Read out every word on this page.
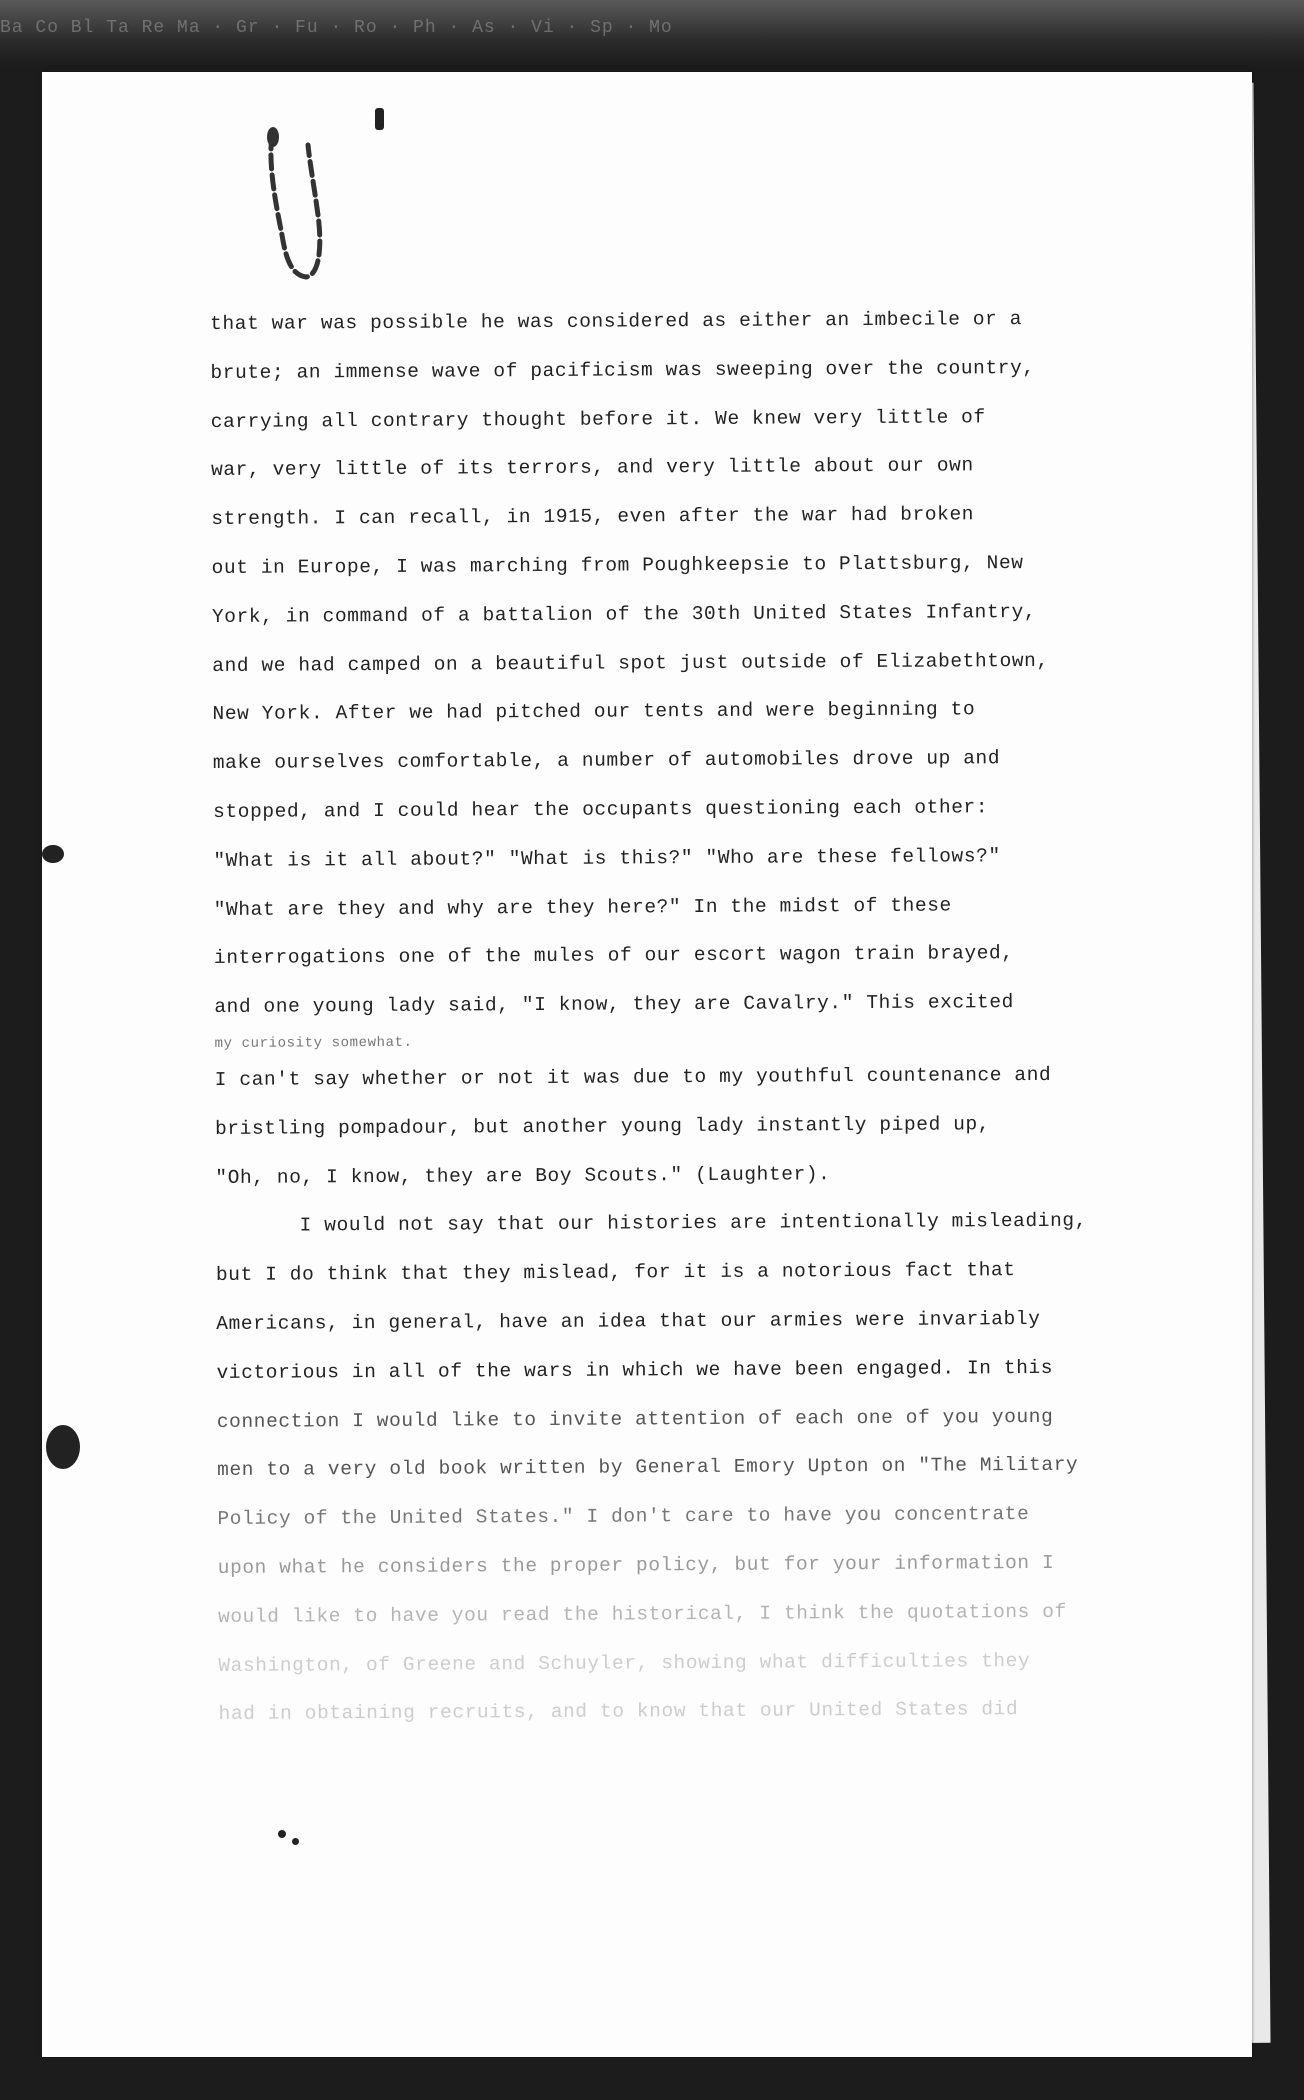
Ba Co Bl Ta Re Ma · Gr · Fu · Ro · Ph · As · Vi · Sp · Mo
that war was possible he was considered as either an imbecile or a
brute; an immense wave of pacificism was sweeping over the country,
carrying all contrary thought before it. We knew very little of
war, very little of its terrors, and very little about our own
strength. I can recall, in 1915, even after the war had broken
out in Europe, I was marching from Poughkeepsie to Plattsburg, New
York, in command of a battalion of the 30th United States Infantry,
and we had camped on a beautiful spot just outside of Elizabethtown,
New York. After we had pitched our tents and were beginning to
make ourselves comfortable, a number of automobiles drove up and
stopped, and I could hear the occupants questioning each other:
"What is it all about?" "What is this?" "Who are these fellows?"
"What are they and why are they here?" In the midst of these
interrogations one of the mules of our escort wagon train brayed,
and one young lady said, "I know, they are Cavalry." This excited
my curiosity somewhat.
I can't say whether or not it was due to my youthful countenance and
bristling pompadour, but another young lady instantly piped up,
"Oh, no, I know, they are Boy Scouts." (Laughter).
I would not say that our histories are intentionally misleading,
but I do think that they mislead, for it is a notorious fact that
Americans, in general, have an idea that our armies were invariably
victorious in all of the wars in which we have been engaged. In this
connection I would like to invite attention of each one of you young
men to a very old book written by General Emory Upton on "The Military
Policy of the United States." I don't care to have you concentrate
upon what he considers the proper policy, but for your information I
would like to have you read the historical, I think the quotations of
Washington, of Greene and Schuyler, showing what difficulties they
had in obtaining recruits, and to know that our United States did
